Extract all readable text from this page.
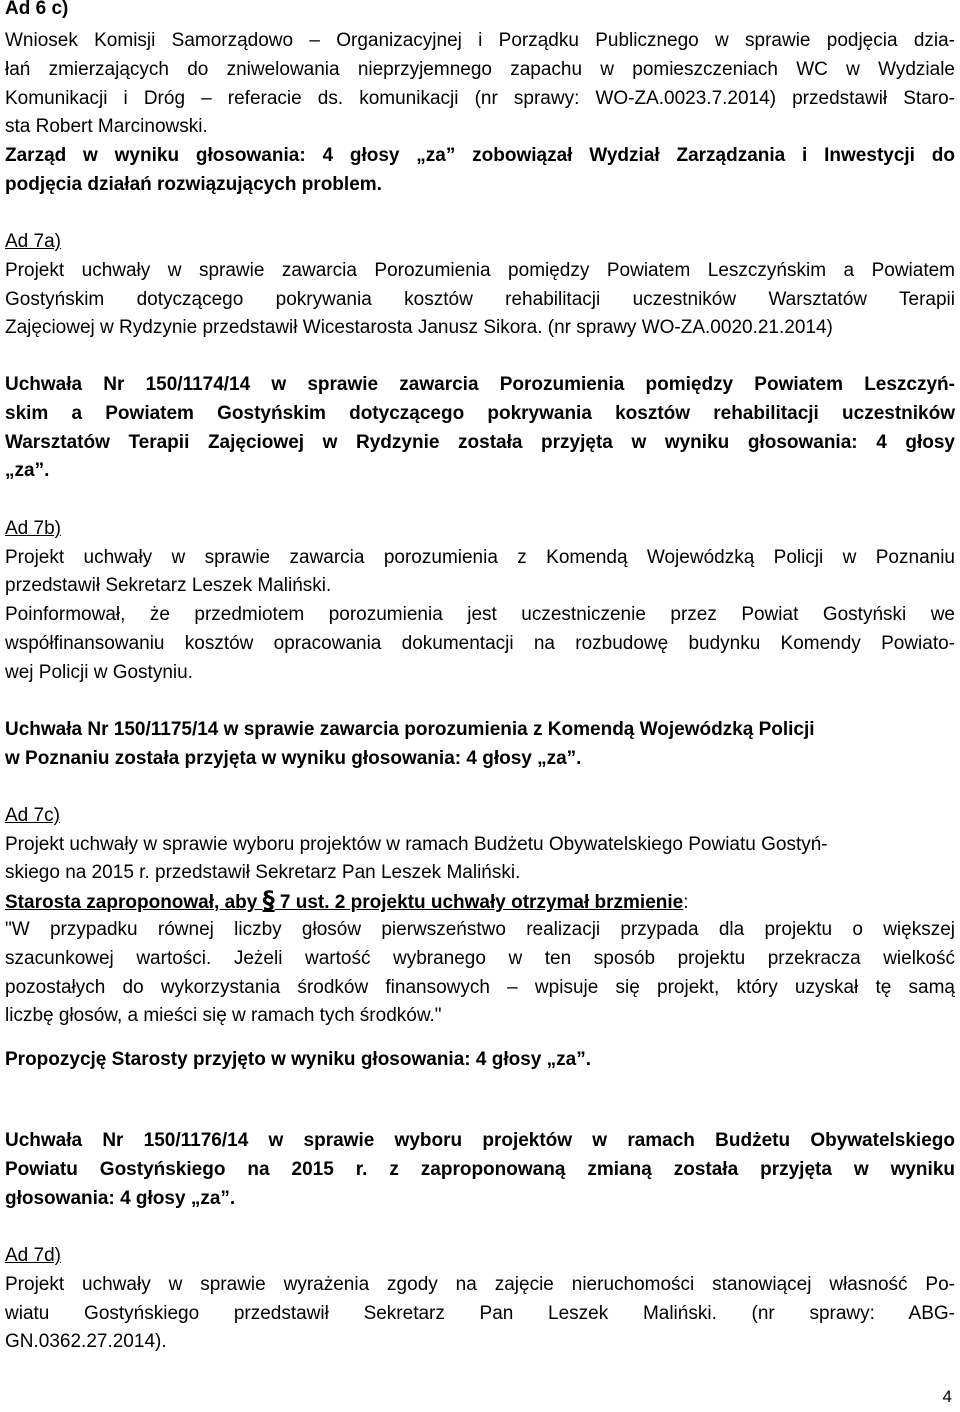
Ad 6 c)
Wniosek Komisji Samorządowo – Organizacyjnej i Porządku Publicznego w sprawie podjęcia dzia-
łań zmierzających do zniwelowania nieprzyjemnego zapachu w pomieszczeniach WC w Wydziale
Komunikacji i Dróg – referacie ds. komunikacji (nr sprawy: WO-ZA.0023.7.2014) przedstawił Staro-
sta Robert Marcinowski.
Zarząd w wyniku głosowania: 4 głosy „za” zobowiązał Wydział Zarządzania i Inwestycji do
podjęcia działań rozwiązujących problem.
Ad 7a)
Projekt uchwały w sprawie zawarcia Porozumienia pomiędzy Powiatem Leszczyńskim a Powiatem
Gostyńskim dotyczącego pokrywania kosztów rehabilitacji uczestników Warsztatów Terapii
Zajęciowej w Rydzynie przedstawił Wicestarosta Janusz Sikora. (nr sprawy WO-ZA.0020.21.2014)
Uchwała Nr 150/1174/14 w sprawie zawarcia Porozumienia pomiędzy Powiatem Leszczyń-
skim a Powiatem Gostyńskim dotyczącego pokrywania kosztów rehabilitacji uczestników
Warsztatów Terapii Zajęciowej w Rydzynie została przyjęta w wyniku głosowania: 4 głosy
„za”.
Ad 7b)
Projekt uchwały w sprawie zawarcia porozumienia z Komendą Wojewódzką Policji w Poznaniu
przedstawił Sekretarz Leszek Maliński.
Poinformował, że przedmiotem porozumienia jest uczestniczenie przez Powiat Gostyński we
współfinansowaniu kosztów opracowania dokumentacji na rozbudowę budynku Komendy Powiato-
wej Policji w Gostyniu.
Uchwała Nr 150/1175/14 w sprawie zawarcia porozumienia z Komendą Wojewódzką Policji
w Poznaniu została przyjęta w wyniku głosowania: 4 głosy „za”.
Ad 7c)
Projekt uchwały w sprawie wyboru projektów w ramach Budżetu Obywatelskiego Powiatu Gostyń-
skiego na 2015 r. przedstawił Sekretarz Pan Leszek Maliński.
Starosta zaproponował, aby § 7 ust. 2 projektu uchwały otrzymał brzmienie:
"W przypadku równej liczby głosów pierwszeństwo realizacji przypada dla projektu o większej
szacunkowej wartości. Jeżeli wartość wybranego w ten sposób projektu przekracza wielkość
pozostałych do wykorzystania środków finansowych – wpisuje się projekt, który uzyskał tę samą
liczbę głosów, a mieści się w ramach tych środków."
Propozycję Starosty przyjęto w wyniku głosowania: 4 głosy „za”.
Uchwała Nr 150/1176/14 w sprawie wyboru projektów w ramach Budżetu Obywatelskiego
Powiatu Gostyńskiego na 2015 r. z zaproponowaną zmianą została przyjęta w wyniku
głosowania: 4 głosy „za”.
Ad 7d)
Projekt uchwały w sprawie wyrażenia zgody na zajęcie nieruchomości stanowiącej własność Po-
wiatu Gostyńskiego przedstawił Sekretarz Pan Leszek Maliński. (nr sprawy: ABG-
GN.0362.27.2014).
4
